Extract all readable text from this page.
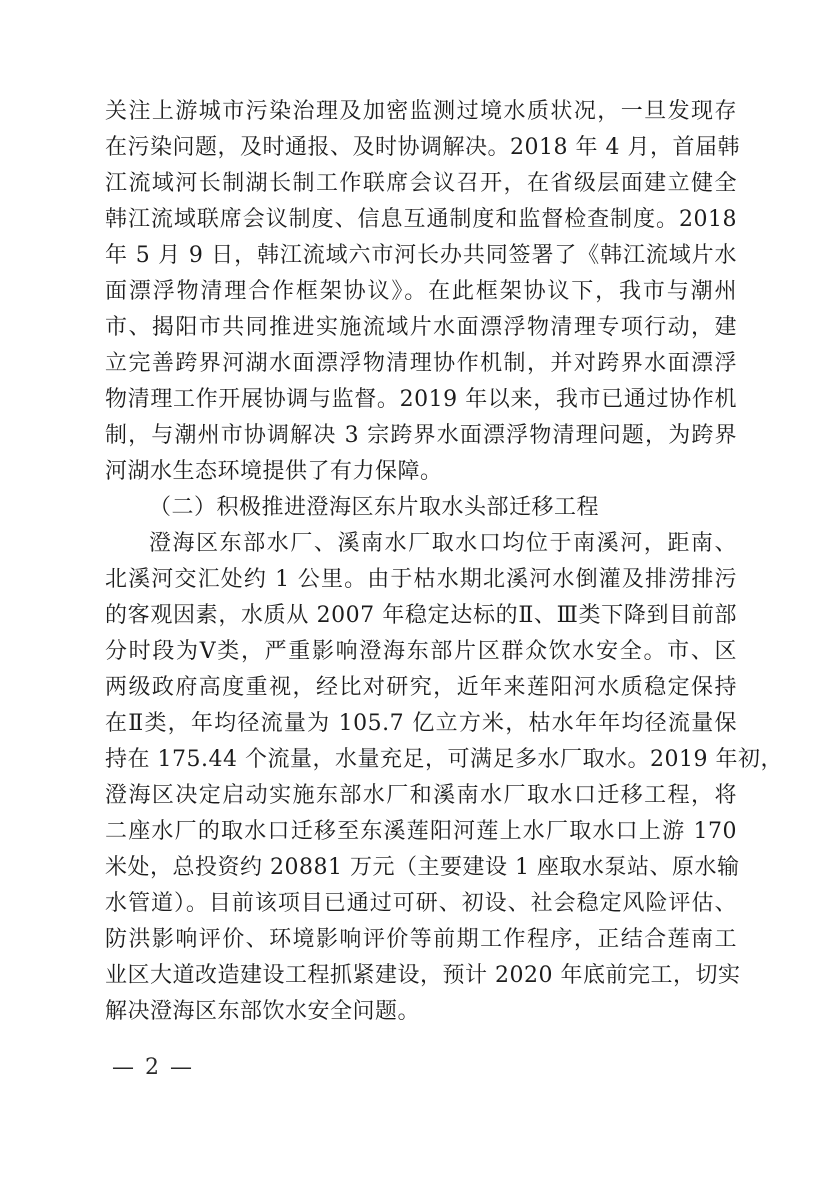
关注上游城市污染治理及加密监测过境水质状况，一旦发现存
在污染问题，及时通报、及时协调解决。2018 年 4 月，首届韩
江流域河长制湖长制工作联席会议召开，在省级层面建立健全
韩江流域联席会议制度、信息互通制度和监督检查制度。2018
年 5 月 9 日，韩江流域六市河长办共同签署了《韩江流域片水
面漂浮物清理合作框架协议》。在此框架协议下，我市与潮州
市、揭阳市共同推进实施流域片水面漂浮物清理专项行动，建
立完善跨界河湖水面漂浮物清理协作机制，并对跨界水面漂浮
物清理工作开展协调与监督。2019 年以来，我市已通过协作机
制，与潮州市协调解决 3 宗跨界水面漂浮物清理问题，为跨界
河湖水生态环境提供了有力保障。
（二）积极推进澄海区东片取水头部迁移工程
澄海区东部水厂、溪南水厂取水口均位于南溪河，距南、
北溪河交汇处约 1 公里。由于枯水期北溪河水倒灌及排涝排污
的客观因素，水质从 2007 年稳定达标的Ⅱ、Ⅲ类下降到目前部
分时段为Ⅴ类，严重影响澄海东部片区群众饮水安全。市、区
两级政府高度重视，经比对研究，近年来莲阳河水质稳定保持
在Ⅱ类，年均径流量为 105.7 亿立方米，枯水年年均径流量保
持在 175.44 个流量，水量充足，可满足多水厂取水。2019 年初，
澄海区决定启动实施东部水厂和溪南水厂取水口迁移工程，将
二座水厂的取水口迁移至东溪莲阳河莲上水厂取水口上游 170
米处，总投资约 20881 万元（主要建设 1 座取水泵站、原水输
水管道）。目前该项目已通过可研、初设、社会稳定风险评估、
防洪影响评价、环境影响评价等前期工作程序，正结合莲南工
业区大道改造建设工程抓紧建设，预计 2020 年底前完工，切实
解决澄海区东部饮水安全问题。
— 2 —
